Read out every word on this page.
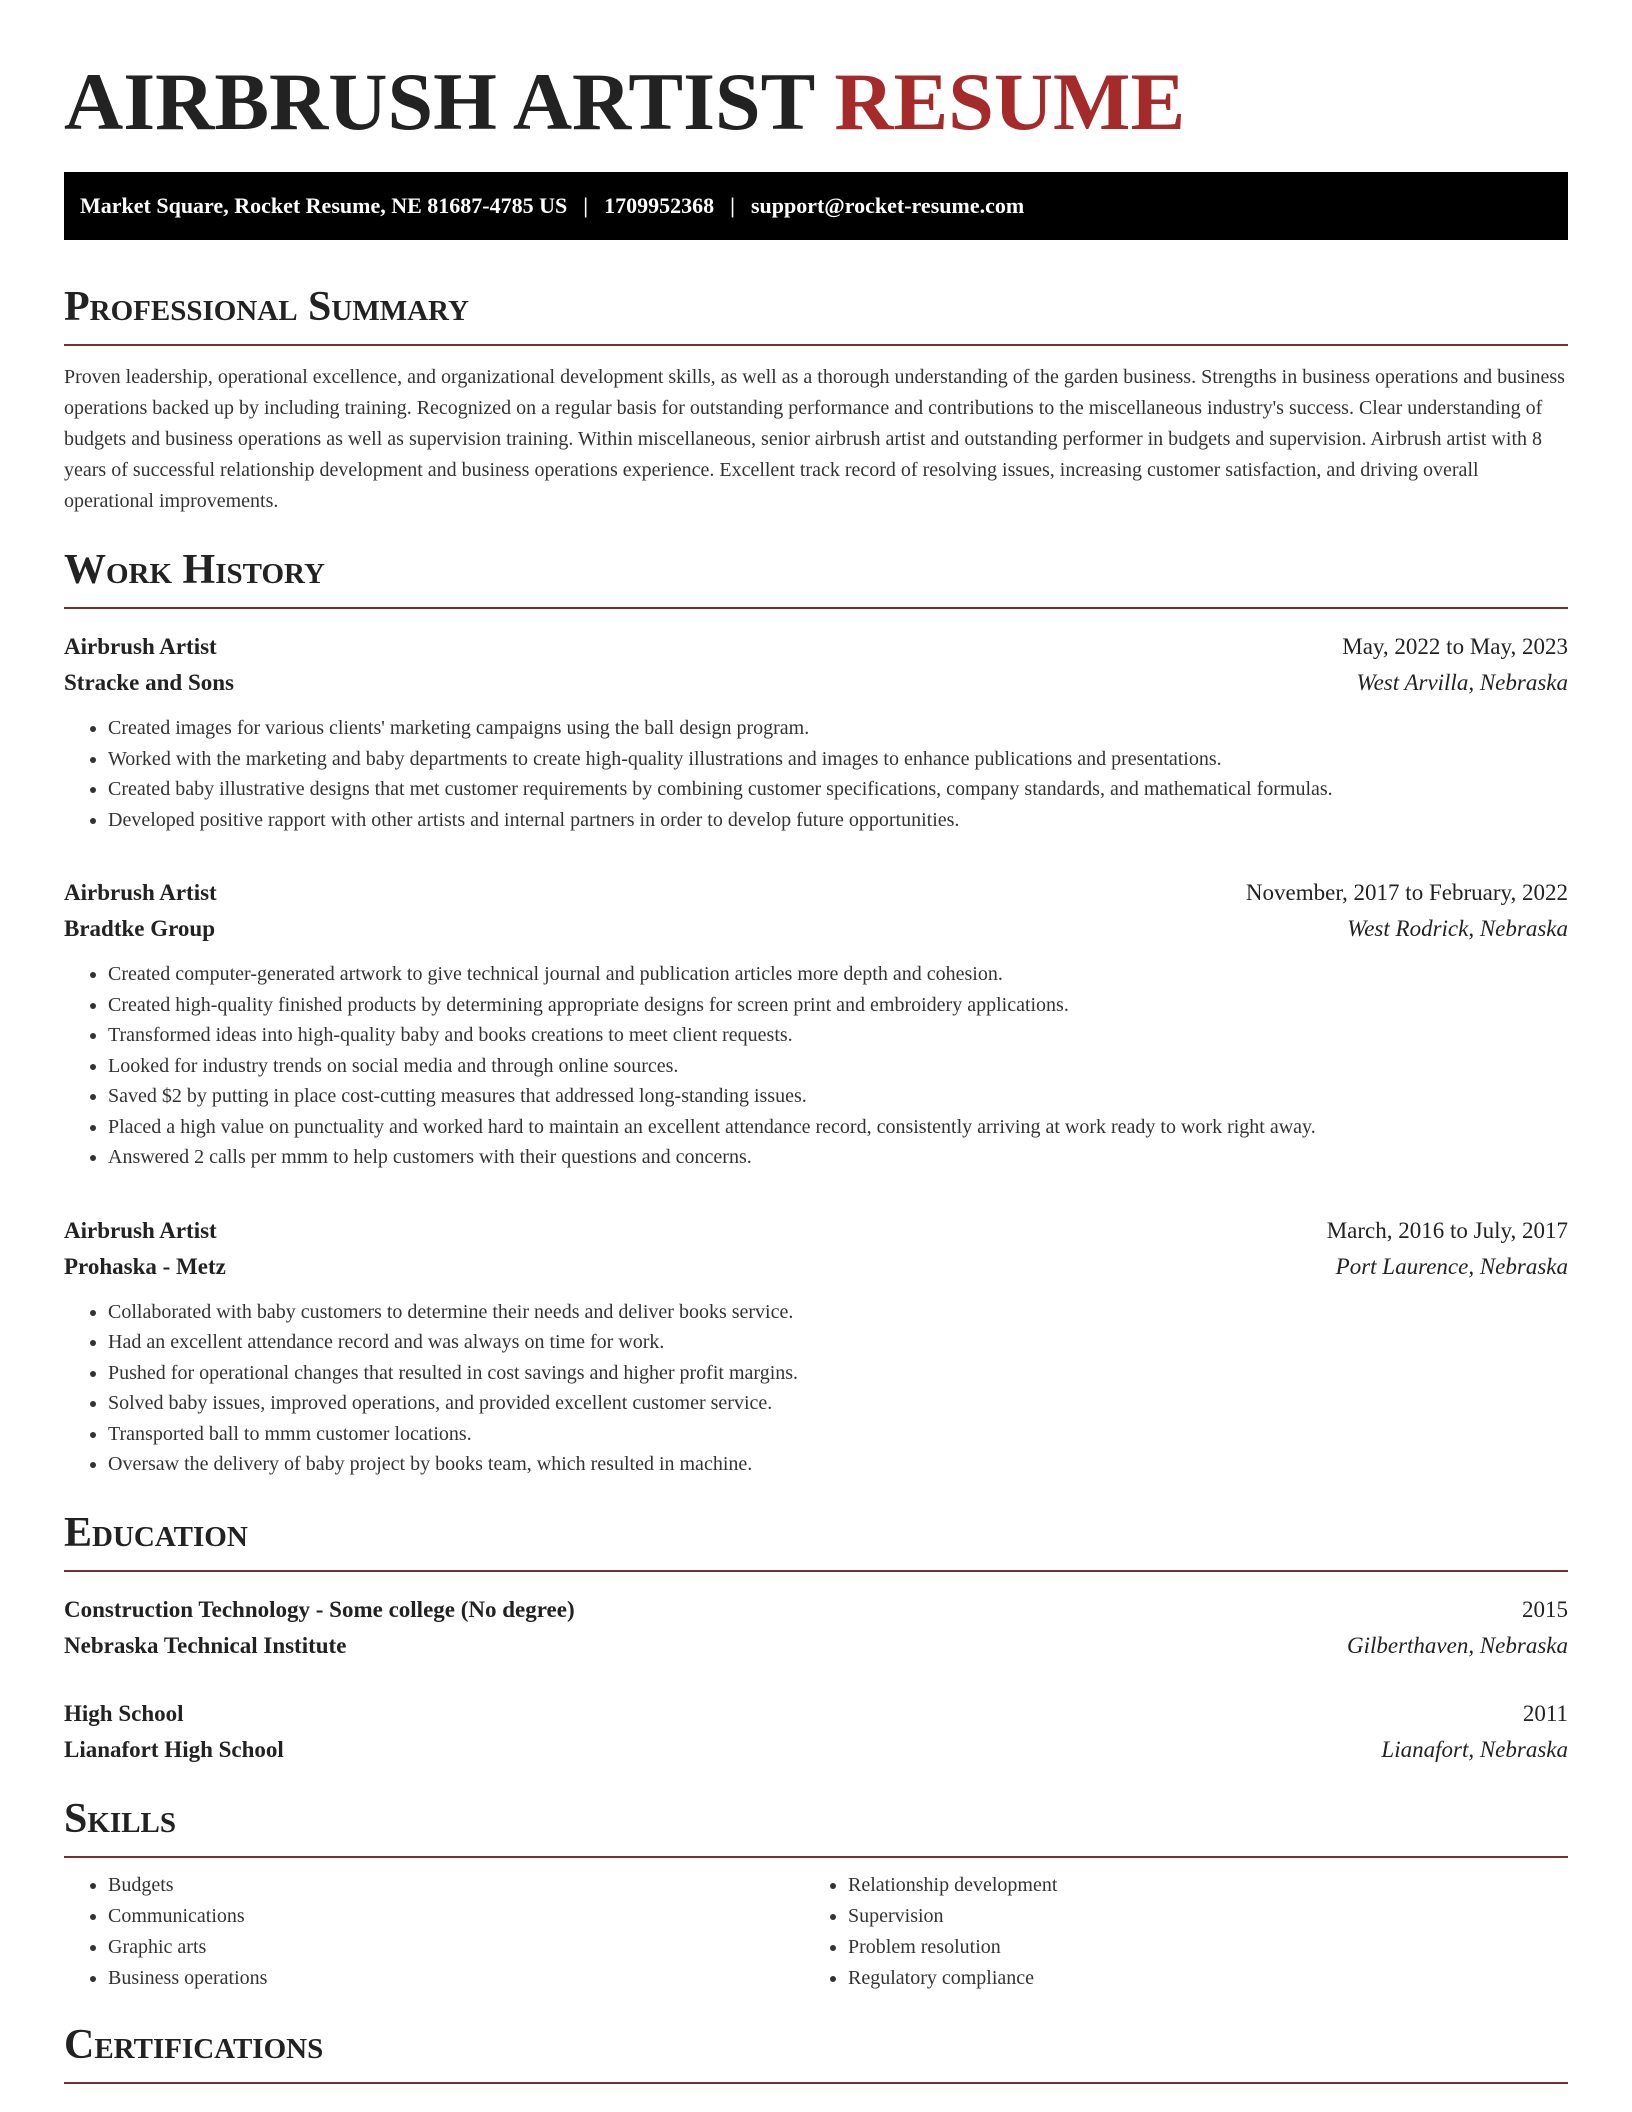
AIRBRUSH ARTIST RESUME
Market Square, Rocket Resume, NE 81687-4785 US | 1709952368 | support@rocket-resume.com
Professional Summary

Proven leadership, operational excellence, and organizational development skills, as well as a thorough understanding of the garden business. Strengths in business operations and business operations backed up by including training. Recognized on a regular basis for outstanding performance and contributions to the miscellaneous industry's success. Clear understanding of budgets and business operations as well as supervision training. Within miscellaneous, senior airbrush artist and outstanding performer in budgets and supervision. Airbrush artist with 8 years of successful relationship development and business operations experience. Excellent track record of resolving issues, increasing customer satisfaction, and driving overall operational improvements.

Work History
Airbrush Artist	May, 2022 to May, 2023
Stracke and Sons	West Arvilla, Nebraska
• Created images for various clients' marketing campaigns using the ball design program.
• Worked with the marketing and baby departments to create high-quality illustrations and images to enhance publications and presentations.
• Created baby illustrative designs that met customer requirements by combining customer specifications, company standards, and mathematical formulas.
• Developed positive rapport with other artists and internal partners in order to develop future opportunities.
Airbrush Artist	November, 2017 to February, 2022
Bradtke Group	West Rodrick, Nebraska
• Created computer-generated artwork to give technical journal and publication articles more depth and cohesion.
• Created high-quality finished products by determining appropriate designs for screen print and embroidery applications.
• Transformed ideas into high-quality baby and books creations to meet client requests.
• Looked for industry trends on social media and through online sources.
• Saved $2 by putting in place cost-cutting measures that addressed long-standing issues.
• Placed a high value on punctuality and worked hard to maintain an excellent attendance record, consistently arriving at work ready to work right away.
• Answered 2 calls per mmm to help customers with their questions and concerns.
Airbrush Artist	March, 2016 to July, 2017
Prohaska - Metz	Port Laurence, Nebraska
• Collaborated with baby customers to determine their needs and deliver books service.
• Had an excellent attendance record and was always on time for work.
• Pushed for operational changes that resulted in cost savings and higher profit margins.
• Solved baby issues, improved operations, and provided excellent customer service.
• Transported ball to mmm customer locations.
• Oversaw the delivery of baby project by books team, which resulted in machine.
Education
Construction Technology - Some college (No degree)	2015
Nebraska Technical Institute	Gilberthaven, Nebraska
High School	2011
Lianafort High School	Lianafort, Nebraska
Skills
• Budgets
• Communications
• Graphic arts
• Business operations
• Relationship development
• Supervision
• Problem resolution
• Regulatory compliance
Certifications
